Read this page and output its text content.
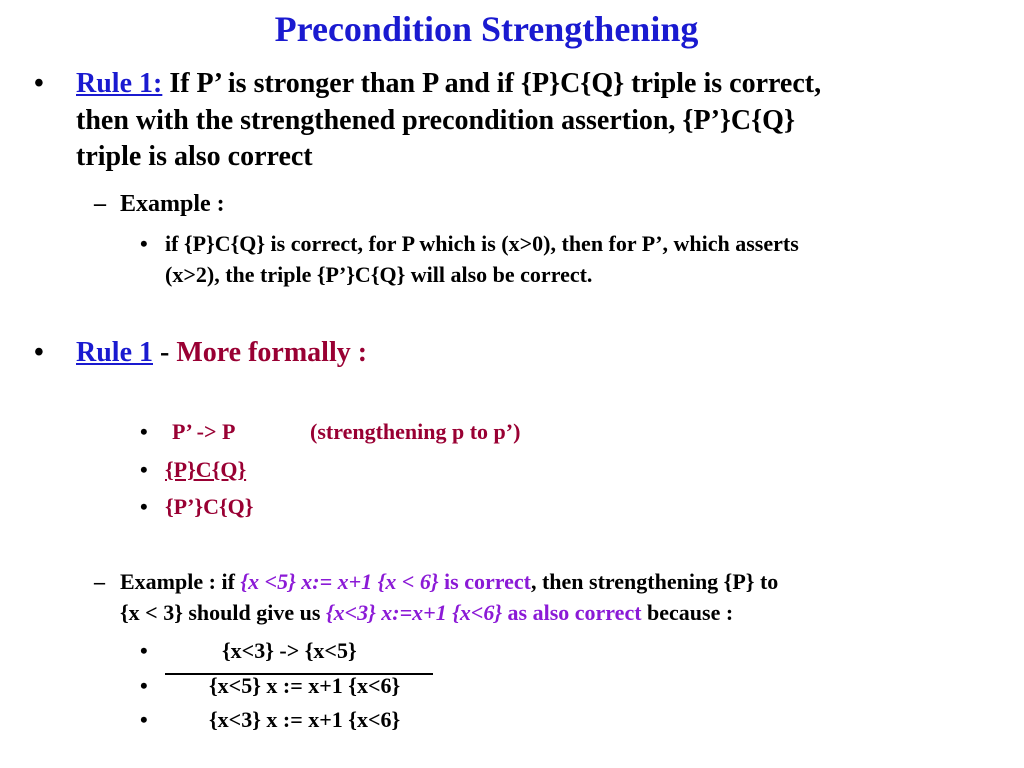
Precondition Strengthening
• Rule 1: If P’ is stronger than P and if {P}C{Q} triple is correct,
then with the strengthened precondition assertion, {P’}C{Q}
triple is also correct
– Example :
• if {P}C{Q} is correct, for P which is (x>0), then for P’, which asserts
(x>2), the triple {P’}C{Q} will also be correct.
• Rule 1 - More formally :
• P’ -> P	(strengthening p to p’)
• {P}C{Q}
• {P’}C{Q}
– Example : if {x <5} x:= x+1 {x < 6} is correct, then strengthening {P} to
{x < 3} should give us {x<3} x:=x+1 {x<6} as also correct because :
•	{x<3} -> {x<5}
•	{x<5} x := x+1 {x<6}
•	{x<3} x := x+1 {x<6}
